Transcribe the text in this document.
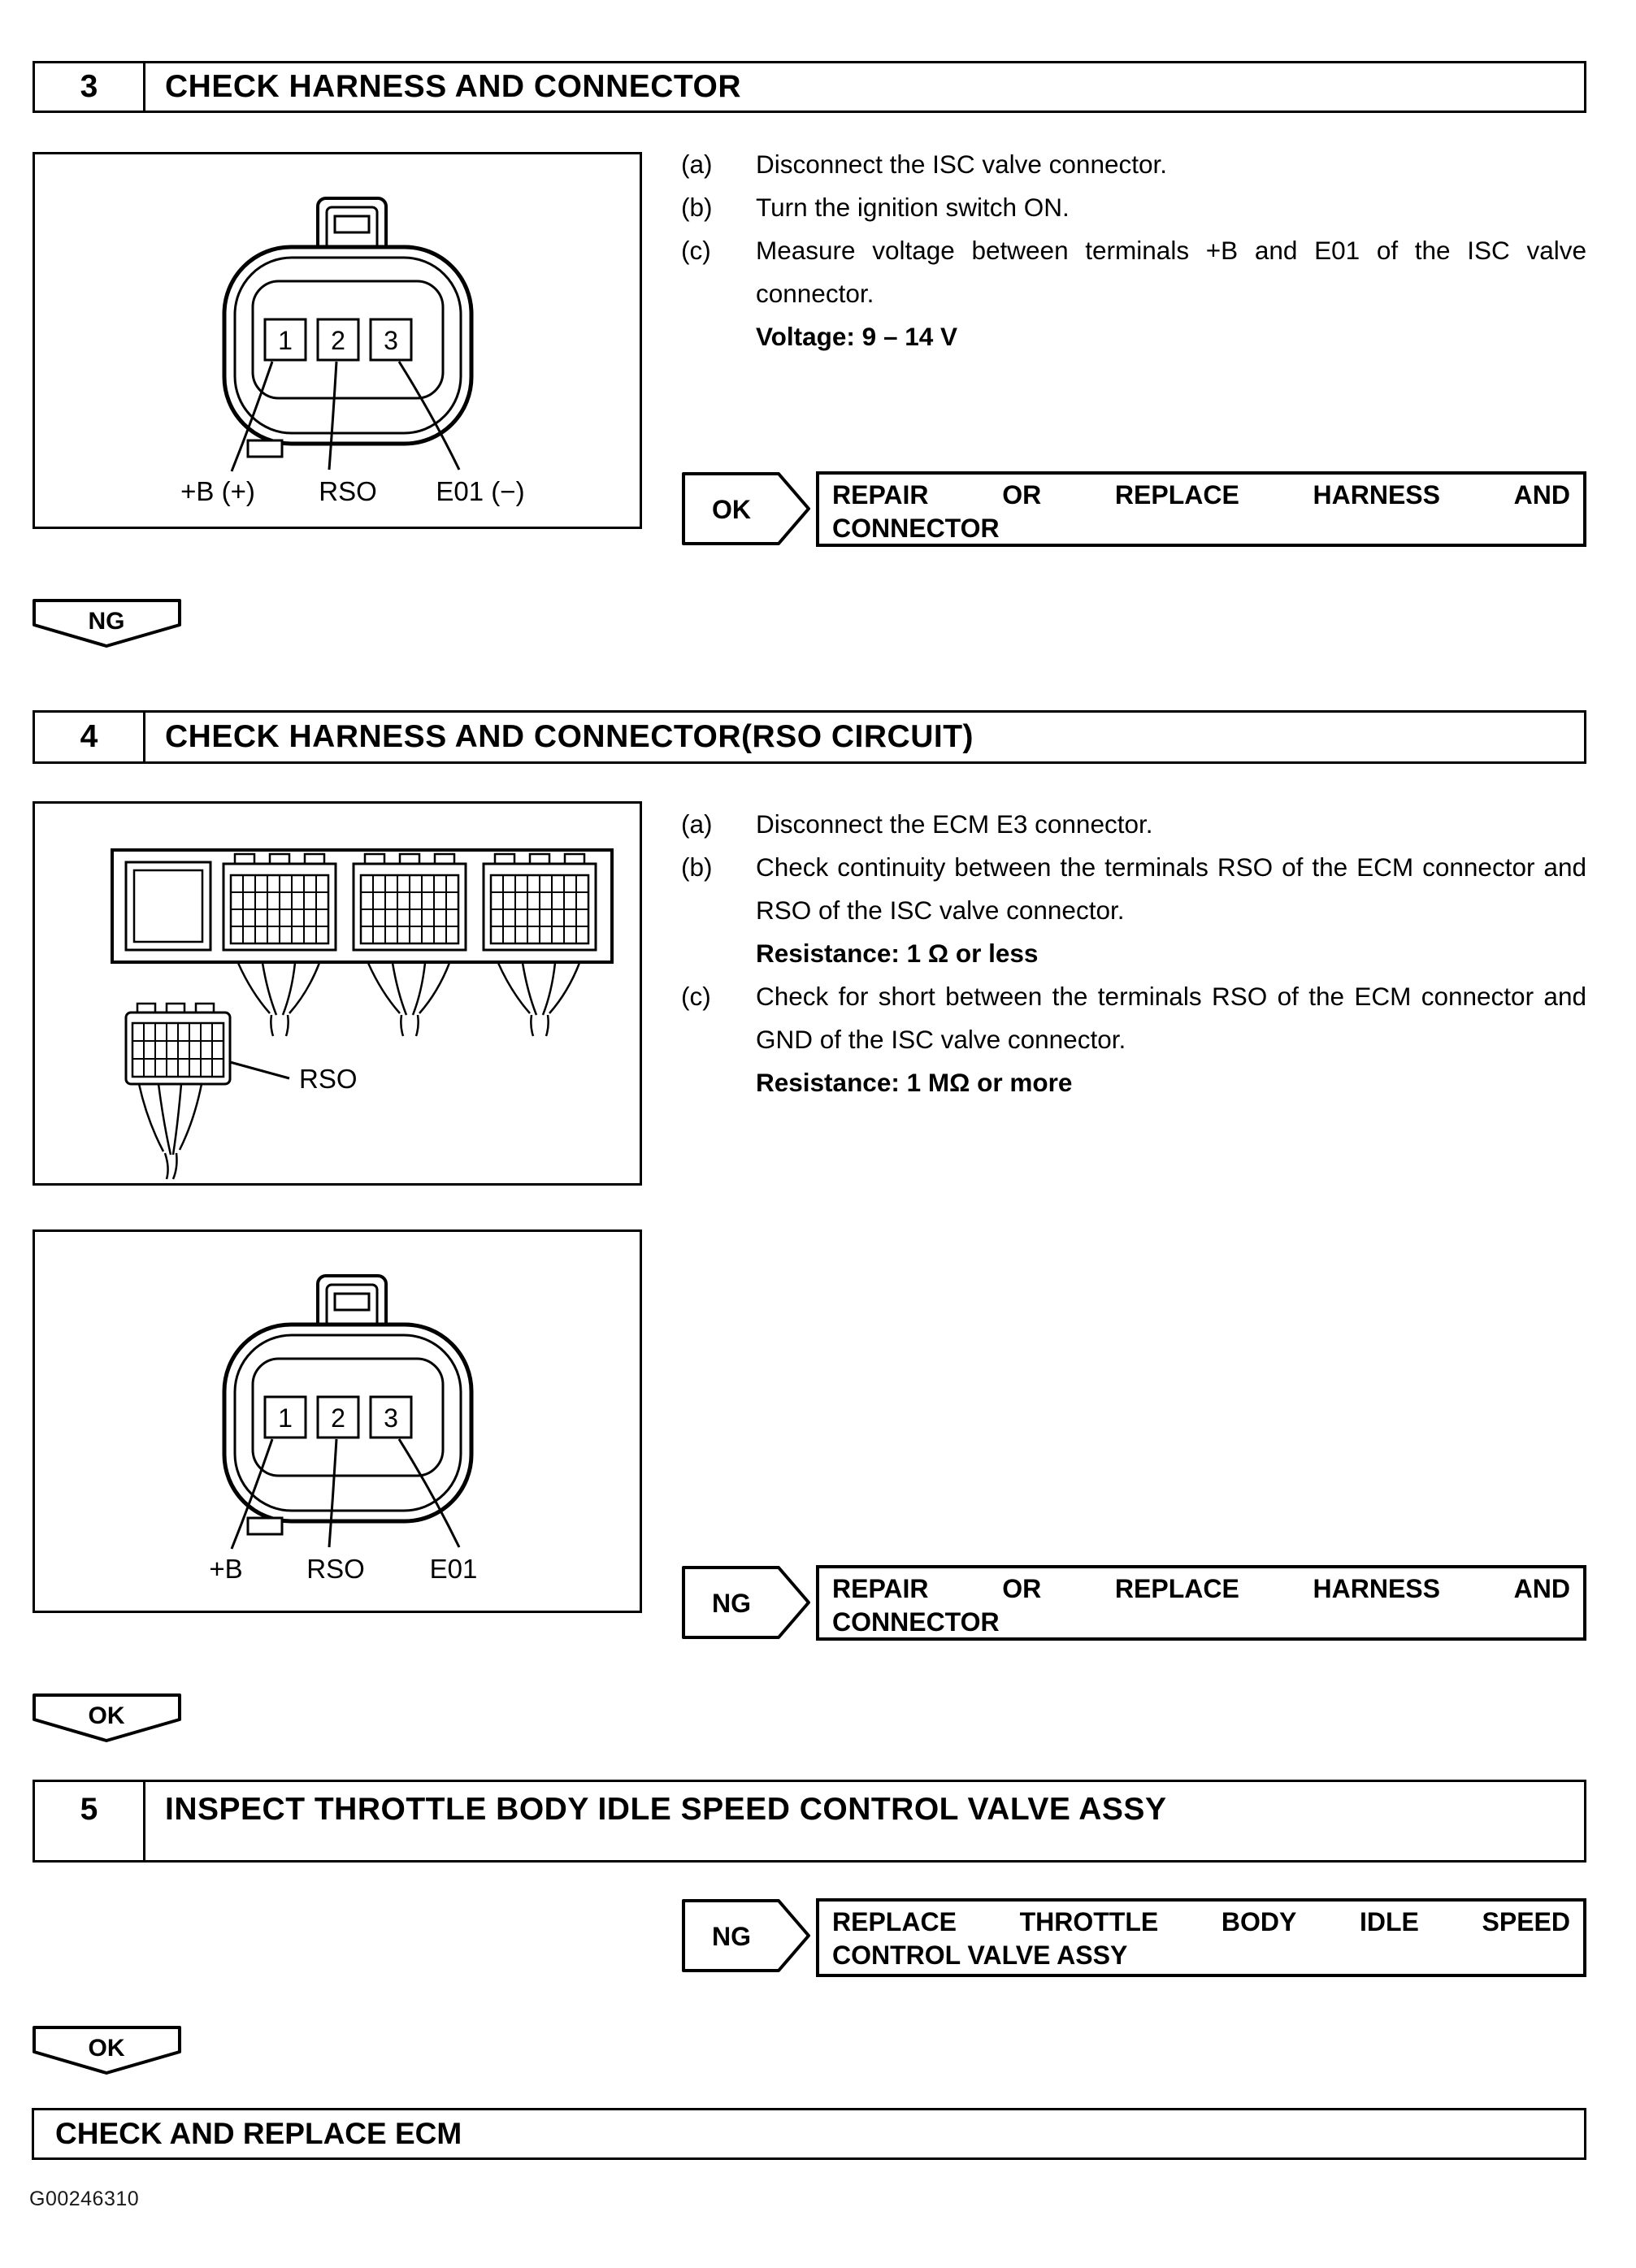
3	CHECK HARNESS AND CONNECTOR
1 2 3
+B (+) RSO E01 (−)
(a)	Disconnect the ISC valve connector.
(b)	Turn the ignition switch ON.
(c)	Measure voltage between terminals +B and E01 of the ISC valve connector.
Voltage: 9 – 14 V
OK	REPAIR	OR	REPLACE	HARNESS	AND
CONNECTOR
NG
4	CHECK HARNESS AND CONNECTOR(RSO CIRCUIT)
RSO
(a)	Disconnect the ECM E3 connector.
(b)	Check continuity between the terminals RSO of the ECM connector and RSO of the ISC valve connector.
Resistance: 1 Ω or less
(c)	Check for short between the terminals RSO of the ECM connector and GND of the ISC valve connector.
Resistance: 1 MΩ or more
1 2 3
+B RSO E01
NG	REPAIR	OR	REPLACE	HARNESS	AND
CONNECTOR
OK
5	INSPECT THROTTLE BODY IDLE SPEED CONTROL VALVE ASSY
NG	REPLACE THROTTLE BODY IDLE SPEED
CONTROL VALVE ASSY
OK
CHECK AND REPLACE ECM
G00246310
